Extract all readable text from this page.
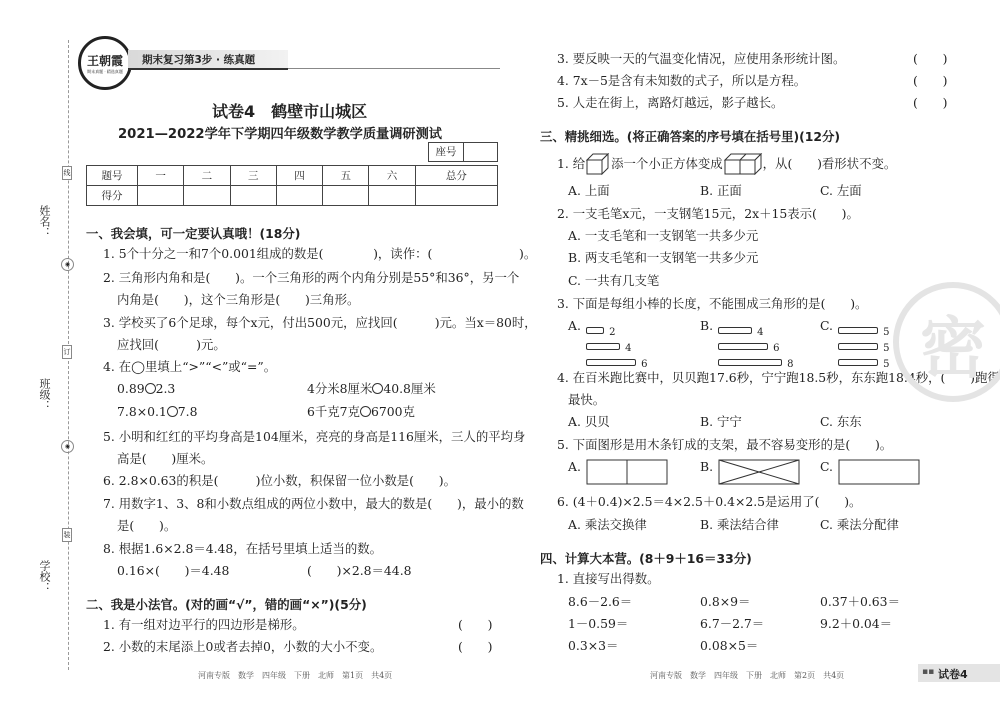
姓名：
班级：
学校：
线
订
装
◉
◉
王朝霞
期末真题 · 精选真题
期末复习第3步 · 练真题
试卷4　鹤壁市山城区
2021—2022学年下学期四年级数学教学质量调研测试
座号
题号	一	二	三	四	五	六	总分
得分							
一、我会填，可一定要认真哦！(18分)
1. 5个十分之一和7个0.001组成的数是(　　　　)，读作：(　　　　　　　)。
2. 三角形内角和是(　　)。一个三角形的两个内角分别是55°和36°，另一个
内角是(　　)，这个三角形是(　　)三角形。
3. 学校买了6个足球，每个x元，付出500元，应找回(　　　)元。当x＝80时，
应找回(　　　)元。
4. 在◯里填上“>”“<”或“=”。
0.89 2.3	4分米8厘米 40.8厘米
7.8×0.1 7.8	6千克7克 6700克
5. 小明和红红的平均身高是104厘米，亮亮的身高是116厘米，三人的平均身
高是(　　)厘米。
6. 2.8×0.63的积是(　　　)位小数，积保留一位小数是(　　)。
7. 用数字1、3、8和小数点组成的两位小数中，最大的数是(　　)，最小的数
是(　　)。
8. 根据1.6×2.8＝4.48，在括号里填上适当的数。
0.16×(　　)＝4.48	(　　)×2.8＝44.8
二、我是小法官。(对的画“√”，错的画“×”)(5分)
1. 有一组对边平行的四边形是梯形。	(　　)
2. 小数的末尾添上0或者去掉0，小数的大小不变。	(　　)
河南专版　数学　四年级　下册　北师　第1页　共4页
3. 要反映一天的气温变化情况，应使用条形统计图。	(　　)
4. 7x－5是含有未知数的式子，所以是方程。	(　　)
5. 人走在街上，离路灯越远，影子越长。	(　　)
三、精挑细选。(将正确答案的序号填在括号里)(12分)
1. 给 添一个小正方体变成	，从(　　)看形状不变。
A. 上面	B. 正面	C. 左面
2. 一支毛笔x元，一支钢笔15元，2x＋15表示(　　)。
A. 一支毛笔和一支钢笔一共多少元
B. 两支毛笔和一支钢笔一共多少元
C. 一共有几支笔
3. 下面是每组小棒的长度，不能围成三角形的是(　　)。
A.	2
4
6
B.	4
6
8
C.	5
5
5
4. 在百米跑比赛中，贝贝跑17.6秒，宁宁跑18.5秒，东东跑18.4秒，(　　)跑得
最快。
A. 贝贝	B. 宁宁	C. 东东
5. 下面图形是用木条钉成的支架，最不容易变形的是(　　)。
A.	B.	C.
6. (4＋0.4)×2.5＝4×2.5＋0.4×2.5是运用了(　　)。
A. 乘法交换律	B. 乘法结合律	C. 乘法分配律
四、计算大本营。(8＋9＋16＝33分)
1. 直接写出得数。
8.6－2.6＝	0.8×9＝	0.37＋0.63＝
1－0.59＝	6.7－2.7＝	9.2＋0.04＝
0.3×3＝	0.08×5＝
密
河南专版　数学　四年级　下册　北师　第2页　共4页	▪▪ 试卷4
